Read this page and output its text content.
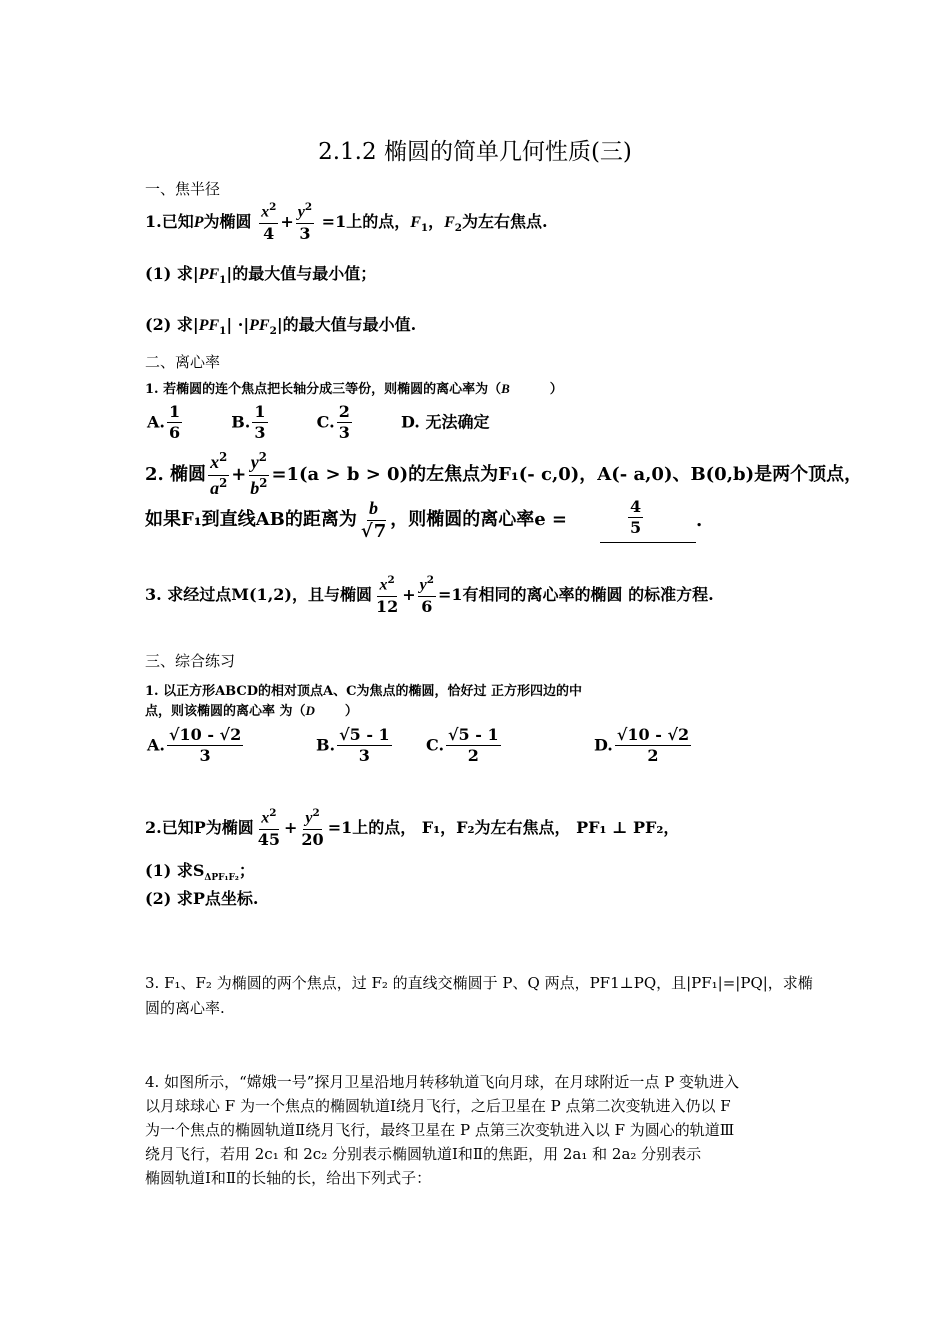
2.1.2 椭圆的简单几何性质(三)
一、焦半径
1.已知P为椭圆 $\frac{x^2}{4} + \frac{y^2}{3} =1$上的点，$F_1$，$F_2$为左右焦点.
(1) 求$|PF_1|$的最大值与最小值；
(2) 求$|PF_1| \cdot|PF_2|$的最大值与最小值.
二、离心率
1. 若椭圆的连个焦点把长轴分成三等份，则椭圆的离心率为（B	）
A. $\frac{1}{6}$	B. $\frac{1}{3}$	C. $\frac{2}{3}$	D. 无法确定
2. 椭圆 $\frac{x^2}{a^2} + \frac{y^2}{b^2} =1(a > b > 0)$的左焦点为F₁(- c,0)，A(- a,0)、B(0,b)是两个顶点，
如果F₁到直线AB的距离为 $\frac{b}{√7}$ ，则椭圆的离心率e =	$\frac{4}{5}$	.
3. 求经过点M(1,2)，且与椭圆 $\frac{x^2}{12} + \frac{y^2}{6} =1$有相同的离心率的椭圆 的标准方程.
三、综合练习
1. 以正方形ABCD的相对顶点A、C为焦点的椭圆，恰好过 正方形四边的中
点，则该椭圆的离心率 为（D ）
A. $\frac{√10 - √2}{3}$	B. $\frac{√5 - 1}{3} C$. $\frac{√5 - 1}{2}$	D. $\frac{√10 - √2}{2}$
2.已知P为椭圆 $\frac{x^2}{45} + \frac{y^2}{20} =1$上的点， F₁，F₂为左右焦点， PF₁ ⊥ PF₂，
(1) 求$S_{\Delta PF_1F_2}$；
(2) 求P点坐标.
3. F₁、F₂ 为椭圆的两个焦点，过 F₂ 的直线交椭圆于 P、Q 两点，PF1⊥PQ，且|PF₁|=|PQ|，求椭
圆的离心率.
4. 如图所示，“嫦娥一号”探月卫星沿地月转移轨道飞向月球，在月球附近一点 P 变轨进入
以月球球心 F 为一个焦点的椭圆轨道Ⅰ绕月飞行，之后卫星在 P 点第二次变轨进入仍以 F
为一个焦点的椭圆轨道Ⅱ绕月飞行，最终卫星在 P 点第三次变轨进入以 F 为圆心的轨道Ⅲ
绕月飞行，若用 2c₁ 和 2c₂ 分别表示椭圆轨道Ⅰ和Ⅱ的焦距，用 2a₁ 和 2a₂ 分别表示
椭圆轨道Ⅰ和Ⅱ的长轴的长，给出下列式子：
